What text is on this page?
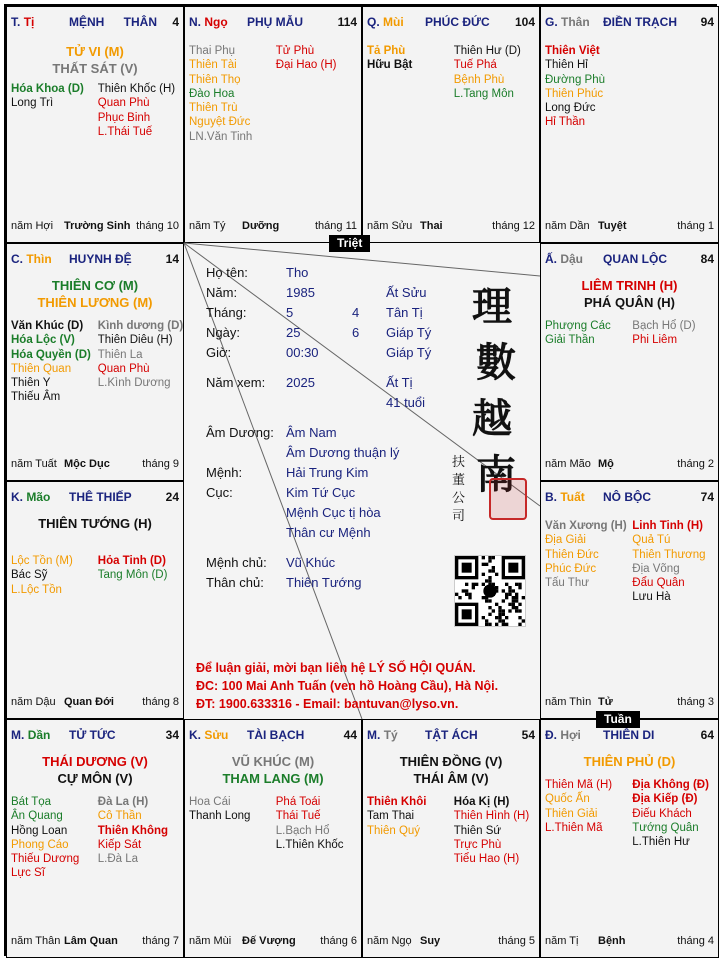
T. Tị	MỆNH THÂN 4
TỬ VI (M)
THẤT SÁT (V)
Hóa Khoa (D)
Long Trì
Thiên Khốc (H)
Quan Phù
Phục Binh
L.Thái Tuế
năm Hợi Trường Sinh tháng 10
N. Ngọ PHỤ MẪU	114
Thai Phụ
Thiên Tài
Thiên Thọ
Đào Hoa
Thiên Trù
Nguyệt Đức
LN.Văn Tinh
Tử Phù
Đại Hao (H)
năm Tý Dưỡng	tháng 11
Q. Mùi PHÚC ĐỨC 104
Tả Phù
Hữu Bật
Thiên Hư (D)
Tuế Phá
Bệnh Phù
L.Tang Môn
năm Sửu Thai	tháng 12
G. Thân ĐIỀN TRẠCH 94
Thiên Việt
Thiên Hỉ
Đường Phù
Thiên Phúc
Long Đức
Hỉ Thần
năm Dần Tuyệt	tháng 1
C. Thìn HUYNH ĐỆ	14
THIÊN CƠ (M)
THIÊN LƯƠNG (M)
Văn Khúc (D)
Hóa Lộc (V)
Hóa Quyền (D)
Thiên Quan
Thiên Y
Thiếu Âm
Kình dương (D)
Thiên Diêu (H)
Thiên La
Quan Phù
L.Kình Dương
năm Tuất Mộc Dục	tháng 9
Ấ. Dậu QUAN LỘC	84
LIÊM TRINH (H)
PHÁ QUÂN (H)
Phượng Các
Giải Thần
Bạch Hổ (D)
Phi Liêm
năm Mão Mộ	tháng 2
K. Mão THÊ THIẾP	24
THIÊN TƯỚNG (H)
Lộc Tồn (M)
Bác Sỹ
L.Lộc Tồn
Hỏa Tinh (D)
Tang Môn (D)
năm Dậu Quan Đới	tháng 8
B. Tuất NÔ BỘC	74
Văn Xương (H)
Địa Giải
Thiên Đức
Phúc Đức
Tấu Thư
Linh Tinh (H)
Quả Tú
Thiên Thương
Địa Võng
Đẩu Quân
Lưu Hà
năm Thìn Tử	tháng 3
M. Dần TỬ TỨC	34
THÁI DƯƠNG (V)
CỰ MÔN (V)
Bát Tọa
Ân Quang
Hồng Loan
Phong Cáo
Thiếu Dương
Lực Sĩ
Đà La (H)
Cô Thần
Thiên Không
Kiếp Sát
L.Đà La
năm Thân Lâm Quan tháng 7
K. Sửu TÀI BẠCH	44
VŨ KHÚC (M)
THAM LANG (M)
Hoa Cái
Thanh Long
Phá Toái
Thái Tuế
L.Bạch Hổ
L.Thiên Khốc
năm Mùi Đế Vượng tháng 6
M. Tý TẬT ÁCH	54
THIÊN ĐỒNG (V)
THÁI ÂM (V)
Thiên Khôi
Tam Thai
Thiên Quý
Hóa Kị (H)
Thiên Hình (H)
Thiên Sứ
Trực Phù
Tiểu Hao (H)
năm Ngọ Suy	tháng 5
Đ. Hợi THIÊN DI	64
THIÊN PHỦ (D)
Thiên Mã (H)
Quốc Ấn
Thiên Giải
L.Thiên Mã
Địa Không (Đ)
Địa Kiếp (Đ)
Điếu Khách
Tướng Quân
L.Thiên Hư
năm Tị Bệnh	tháng 4
Họ tên:	Tho
Năm:	1985	Ất Sửu
Tháng:	5	4 Tân Tị
Ngày:	25	6 Giáp Tý
Giờ:	00:30	Giáp Tý
Năm xem: 2025	Ất Tị
41 tuổi
Âm Dương: Âm Nam
Âm Dương thuận lý
Mệnh:	Hải Trung Kim
Cục:	Kim Tứ Cục
Mệnh Cục tị hòa
Thân cư Mệnh
Mệnh chủ: Vũ Khúc
Thân chủ: Thiên Tướng
理
數
越
南
扶
董
公
司
Để luận giải, mời bạn liên hệ LÝ SỐ HỘI QUÁN.
ĐC: 100 Mai Anh Tuấn (ven hồ Hoàng Cầu), Hà Nội.
ĐT: 1900.633316 - Email: bantuvan@lyso.vn.
Triệt
Tuần
